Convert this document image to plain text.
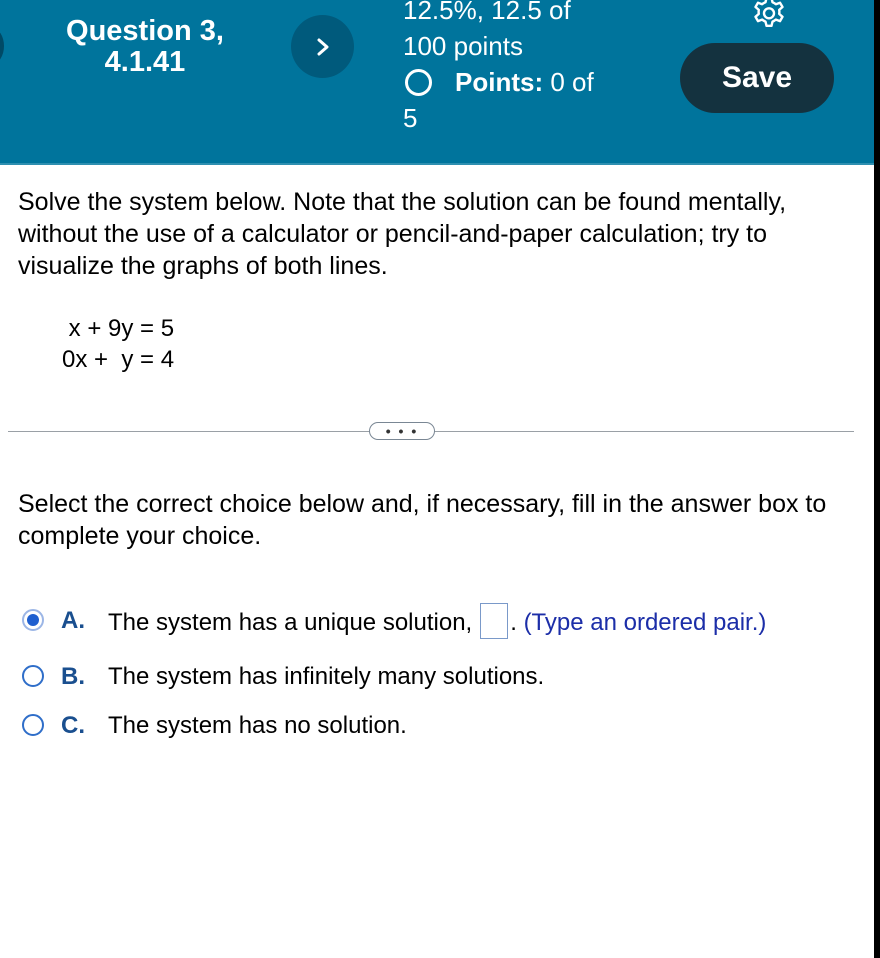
Question 3,
4.1.41
12.5%, 12.5 of
100 points
Points: 0 of
5
Save
Solve the system below. Note that the solution can be found mentally, without the use of a calculator or pencil-and-paper calculation; try to visualize the graphs of both lines.
x + 9y = 5
0x +  y = 4
• • •
Select the correct choice below and, if necessary, fill in the answer box to complete your choice.
A. The system has a unique solution, . (Type an ordered pair.)
B. The system has infinitely many solutions.
C. The system has no solution.
